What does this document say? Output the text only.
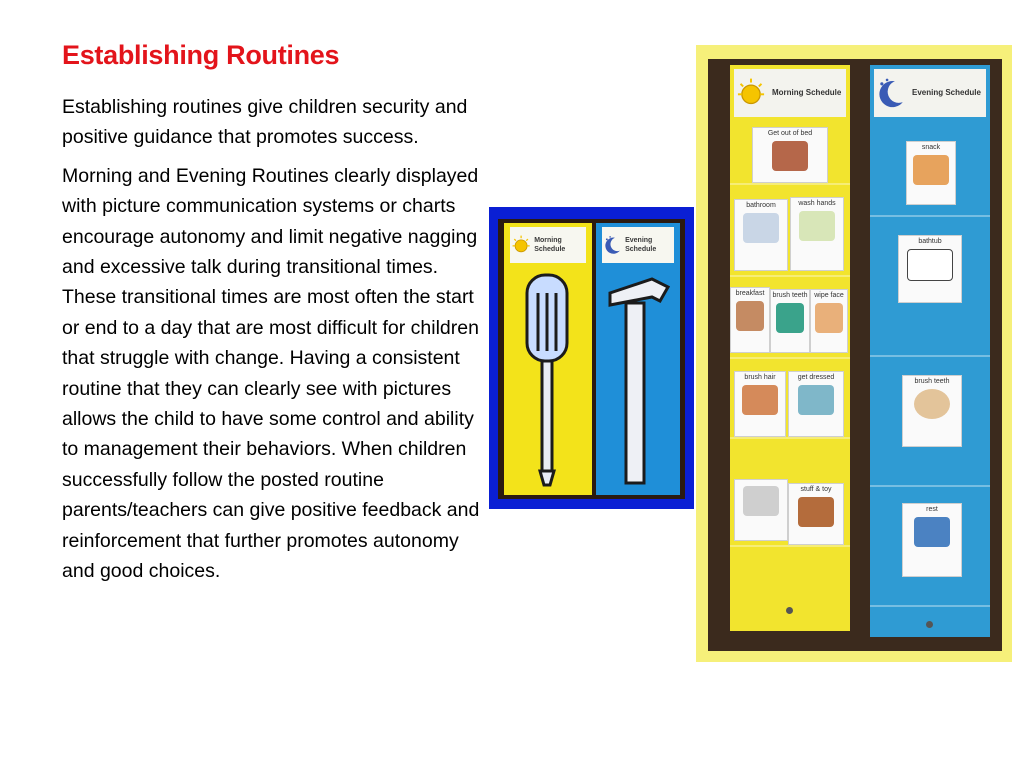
Establishing Routines

Establishing routines give children security and positive guidance that promotes success.

Morning and Evening Routines clearly displayed with picture communication systems or charts encourage autonomy and limit negative nagging and excessive talk during transitional times. These transitional times are most often the start or end to a day that are most difficult for children that struggle with change. Having a consistent routine that they can clearly see with pictures allows the child to have some control and ability to management their behaviors. When children successfully follow the posted routine parents/teachers can give positive feedback and reinforcement that further promotes autonomy and good choices.

Morning Schedule
Evening Schedule
Morning Schedule
Get out of bed
bathroom	wash hands
breakfast	brush teeth wipe face
brush hair	get dressed
stuff & toy
Evening Schedule
snack
bathtub
brush teeth
rest
